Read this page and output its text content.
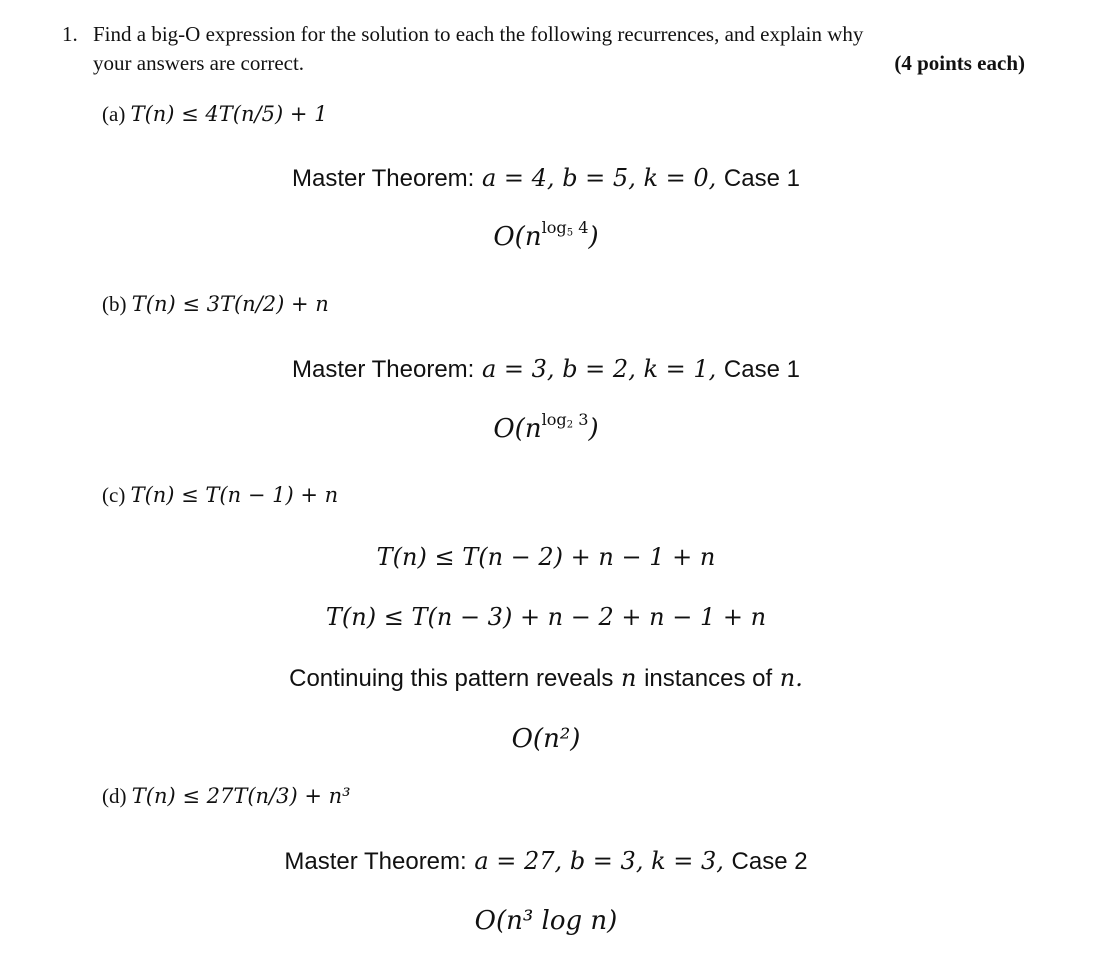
1. Find a big-O expression for the solution to each the following recurrences, and explain why
your answers are correct.	(4 points each)
(a) T(n) ≤ 4T(n/5) + 1
Master Theorem: a = 4, b = 5, k = 0, Case 1
$O(n^{log_5 4})$
(b) T(n) ≤ 3T(n/2) + n
Master Theorem: a = 3, b = 2, k = 1, Case 1
$O(n^{log_2 3})$
(c) T(n) ≤ T(n − 1) + n
T(n) ≤ T(n − 2) + n − 1 + n
T(n) ≤ T(n − 3) + n − 2 + n − 1 + n
Continuing this pattern reveals n instances of n.
O(n²)
(d) T(n) ≤ 27T(n/3) + n³
Master Theorem: a = 27, b = 3, k = 3, Case 2
O(n³ log n)
